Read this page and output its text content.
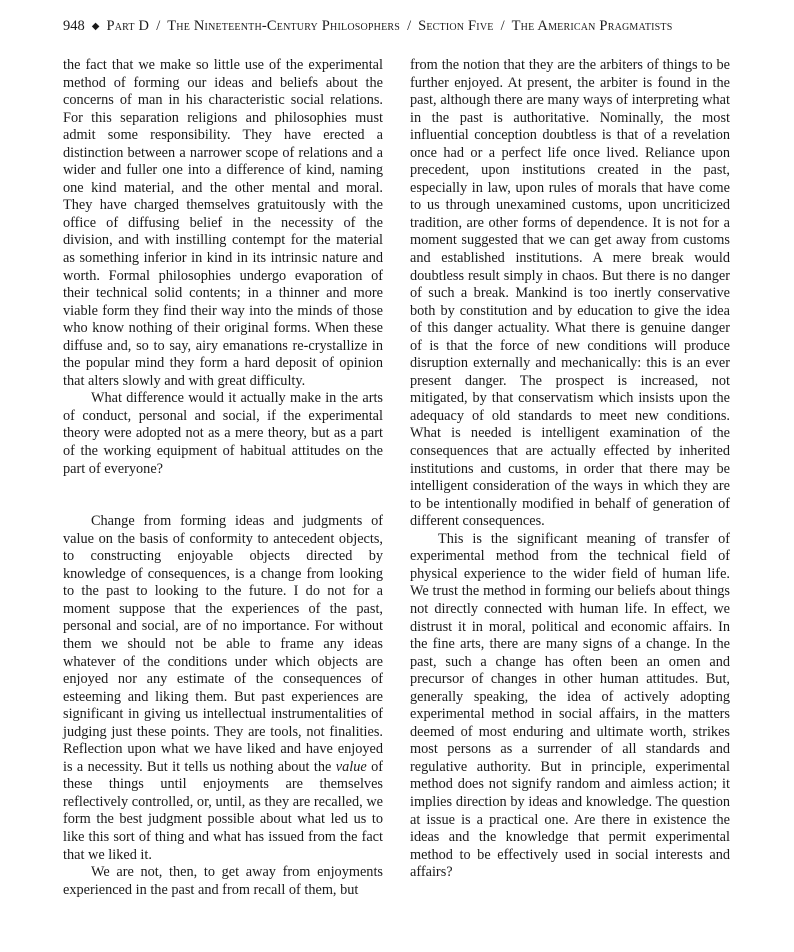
948 ◆ Part D / The Nineteenth-Century Philosophers / Section Five / The American Pragmatists

the fact that we make so little use of the experimental method of forming our ideas and beliefs about the concerns of man in his characteristic social relations. For this separation religions and philosophies must admit some responsibility. They have erected a distinction between a narrower scope of relations and a wider and fuller one into a difference of kind, naming one kind material, and the other mental and moral. They have charged themselves gratuitously with the office of diffusing belief in the necessity of the division, and with instilling contempt for the material as something inferior in kind in its intrinsic nature and worth. Formal philosophies undergo evaporation of their technical solid contents; in a thinner and more viable form they find their way into the minds of those who know nothing of their original forms. When these diffuse and, so to say, airy emanations re-crystallize in the popular mind they form a hard deposit of opinion that alters slowly and with great difficulty.

What difference would it actually make in the arts of conduct, personal and social, if the experimental theory were adopted not as a mere theory, but as a part of the working equipment of habitual attitudes on the part of everyone?

Change from forming ideas and judgments of value on the basis of conformity to antecedent objects, to constructing enjoyable objects directed by knowledge of consequences, is a change from looking to the past to looking to the future. I do not for a moment suppose that the experiences of the past, personal and social, are of no importance. For without them we should not be able to frame any ideas whatever of the conditions under which objects are enjoyed nor any estimate of the consequences of esteeming and liking them. But past experiences are significant in giving us intellectual instrumentalities of judging just these points. They are tools, not finalities. Reflection upon what we have liked and have enjoyed is a necessity. But it tells us nothing about the value of these things until enjoyments are themselves reflectively controlled, or, until, as they are recalled, we form the best judgment possible about what led us to like this sort of thing and what has issued from the fact that we liked it.

We are not, then, to get away from enjoyments experienced in the past and from recall of them, but

from the notion that they are the arbiters of things to be further enjoyed. At present, the arbiter is found in the past, although there are many ways of interpreting what in the past is authoritative. Nominally, the most influential conception doubtless is that of a revelation once had or a perfect life once lived. Reliance upon precedent, upon institutions created in the past, especially in law, upon rules of morals that have come to us through unexamined customs, upon uncriticized tradition, are other forms of dependence. It is not for a moment suggested that we can get away from customs and established institutions. A mere break would doubtless result simply in chaos. But there is no danger of such a break. Mankind is too inertly conservative both by constitution and by education to give the idea of this danger actuality. What there is genuine danger of is that the force of new conditions will produce disruption externally and mechanically: this is an ever present danger. The prospect is increased, not mitigated, by that conservatism which insists upon the adequacy of old standards to meet new conditions. What is needed is intelligent examination of the consequences that are actually effected by inherited institutions and customs, in order that there may be intelligent consideration of the ways in which they are to be intentionally modified in behalf of generation of different consequences.

This is the significant meaning of transfer of experimental method from the technical field of physical experience to the wider field of human life. We trust the method in forming our beliefs about things not directly connected with human life. In effect, we distrust it in moral, political and economic affairs. In the fine arts, there are many signs of a change. In the past, such a change has often been an omen and precursor of changes in other human attitudes. But, generally speaking, the idea of actively adopting experimental method in social affairs, in the matters deemed of most enduring and ultimate worth, strikes most persons as a surrender of all standards and regulative authority. But in principle, experimental method does not signify random and aimless action; it implies direction by ideas and knowledge. The question at issue is a practical one. Are there in existence the ideas and the knowledge that permit experimental method to be effectively used in social interests and affairs?
